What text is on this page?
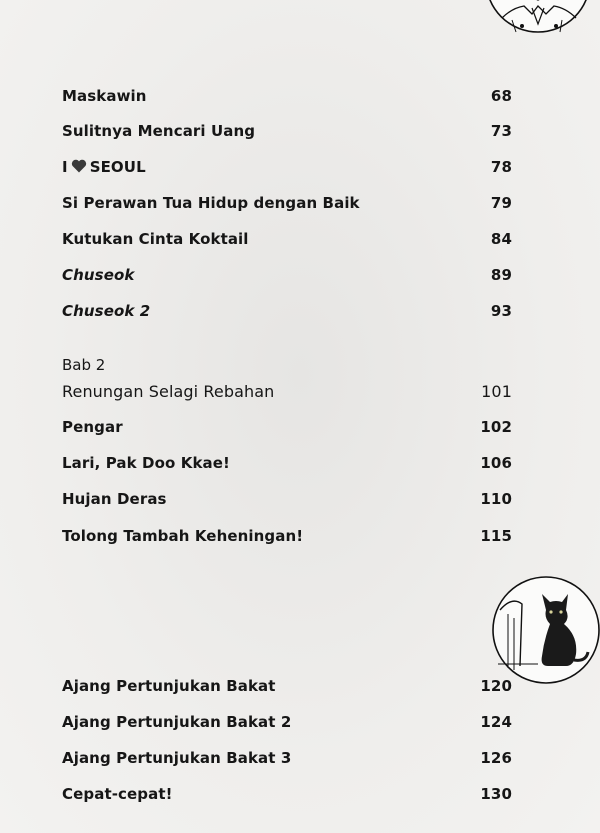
Maskawin	68
Sulitnya Mencari Uang	73
I SEOUL	78
Si Perawan Tua Hidup dengan Baik	79
Kutukan Cinta Koktail	84
Chuseok	89
Chuseok 2	93
Bab 2
Renungan Selagi Rebahan	101
Pengar	102
Lari, Pak Doo Kkae!	106
Hujan Deras	110
Tolong Tambah Keheningan!	115
Ajang Pertunjukan Bakat	120
Ajang Pertunjukan Bakat 2	124
Ajang Pertunjukan Bakat 3	126
Cepat-cepat!	130
